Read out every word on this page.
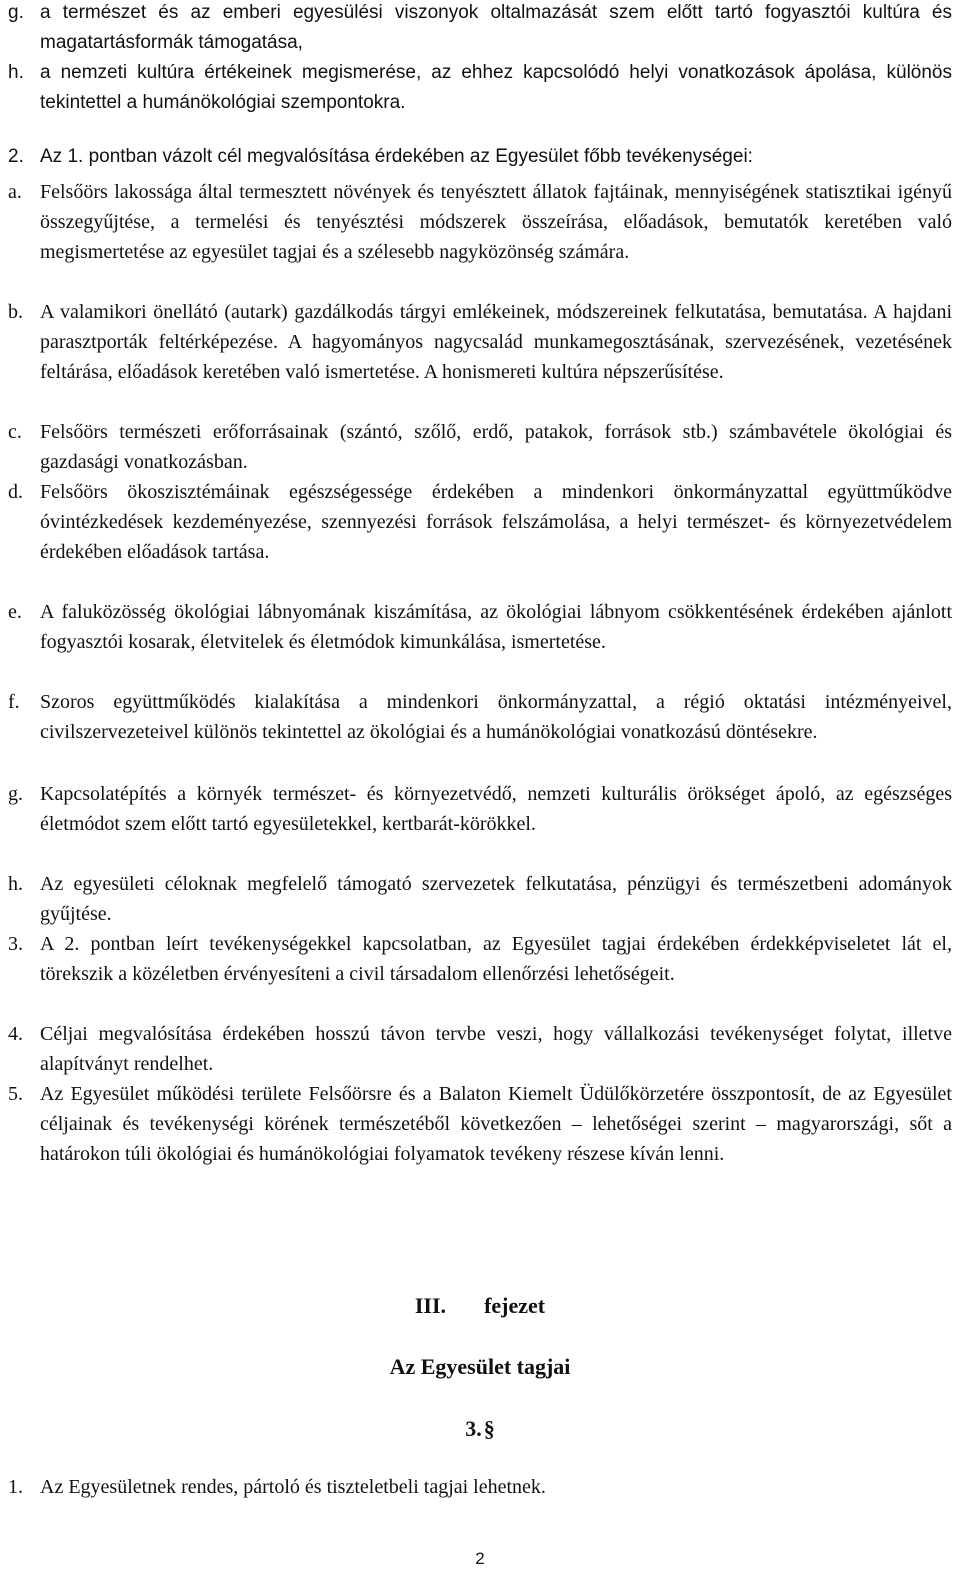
g. a természet és az emberi egyesülési viszonyok oltalmazását szem előtt tartó fogyasztói kultúra és magatartásformák támogatása,
h. a nemzeti kultúra értékeinek megismerése, az ehhez kapcsolódó helyi vonatkozások ápolása, különös tekintettel a humánökológiai szempontokra.
2. Az 1. pontban vázolt cél megvalósítása érdekében az Egyesület főbb tevékenységei:
a. Felsőörs lakossága által termesztett növények és tenyésztett állatok fajtáinak, mennyiségének statisztikai igényű összegyűjtése, a termelési és tenyésztési módszerek összeírása, előadások, bemutatók keretében való megismertetése az egyesület tagjai és a szélesebb nagyközönség számára.
b. A valamikori önellátó (autark) gazdálkodás tárgyi emlékeinek, módszereinek felkutatása, bemutatása. A hajdani parasztporták feltérképezése. A hagyományos nagycsalád munkamegosztásának, szervezésének, vezetésének feltárása, előadások keretében való ismertetése. A honismereti kultúra népszerűsítése.
c. Felsőörs természeti erőforrásainak (szántó, szőlő, erdő, patakok, források stb.) számbavétele ökológiai és gazdasági vonatkozásban.
d. Felsőörs ökoszisztémáinak egészségessége érdekében a mindenkori önkormányzattal együttműködve óvintézkedések kezdeményezése, szennyezési források felszámolása, a helyi természet- és környezetvédelem érdekében előadások tartása.
e. A faluközösség ökológiai lábnyomának kiszámítása, az ökológiai lábnyom csökkentésének érdekében ajánlott fogyasztói kosarak, életvitelek és életmódok kimunkálása, ismertetése.
f. Szoros együttműködés kialakítása a mindenkori önkormányzattal, a régió oktatási intézményeivel, civilszervezeteivel különös tekintettel az ökológiai és a humánökológiai vonatkozású döntésekre.
g. Kapcsolatépítés a környék természet- és környezetvédő, nemzeti kulturális örökséget ápoló, az egészséges életmódot szem előtt tartó egyesületekkel, kertbarát-körökkel.
h. Az egyesületi céloknak megfelelő támogató szervezetek felkutatása, pénzügyi és természetbeni adományok gyűjtése.
3. A 2. pontban leírt tevékenységekkel kapcsolatban, az Egyesület tagjai érdekében érdekképviseletet lát el, törekszik a közéletben érvényesíteni a civil társadalom ellenőrzési lehetőségeit.
4. Céljai megvalósítása érdekében hosszú távon tervbe veszi, hogy vállalkozási tevékenységet folytat, illetve alapítványt rendelhet.
5. Az Egyesület működési területe Felsőörsre és a Balaton Kiemelt Üdülőkörzetére összpontosít, de az Egyesület céljainak és tevékenységi körének természetéből következően – lehetőségei szerint – magyarországi, sőt a határokon túli ökológiai és humánökológiai folyamatok tevékeny részese kíván lenni.
III. fejezet
Az Egyesület tagjai
3.§
1. Az Egyesületnek rendes, pártoló és tiszteletbeli tagjai lehetnek.
2
